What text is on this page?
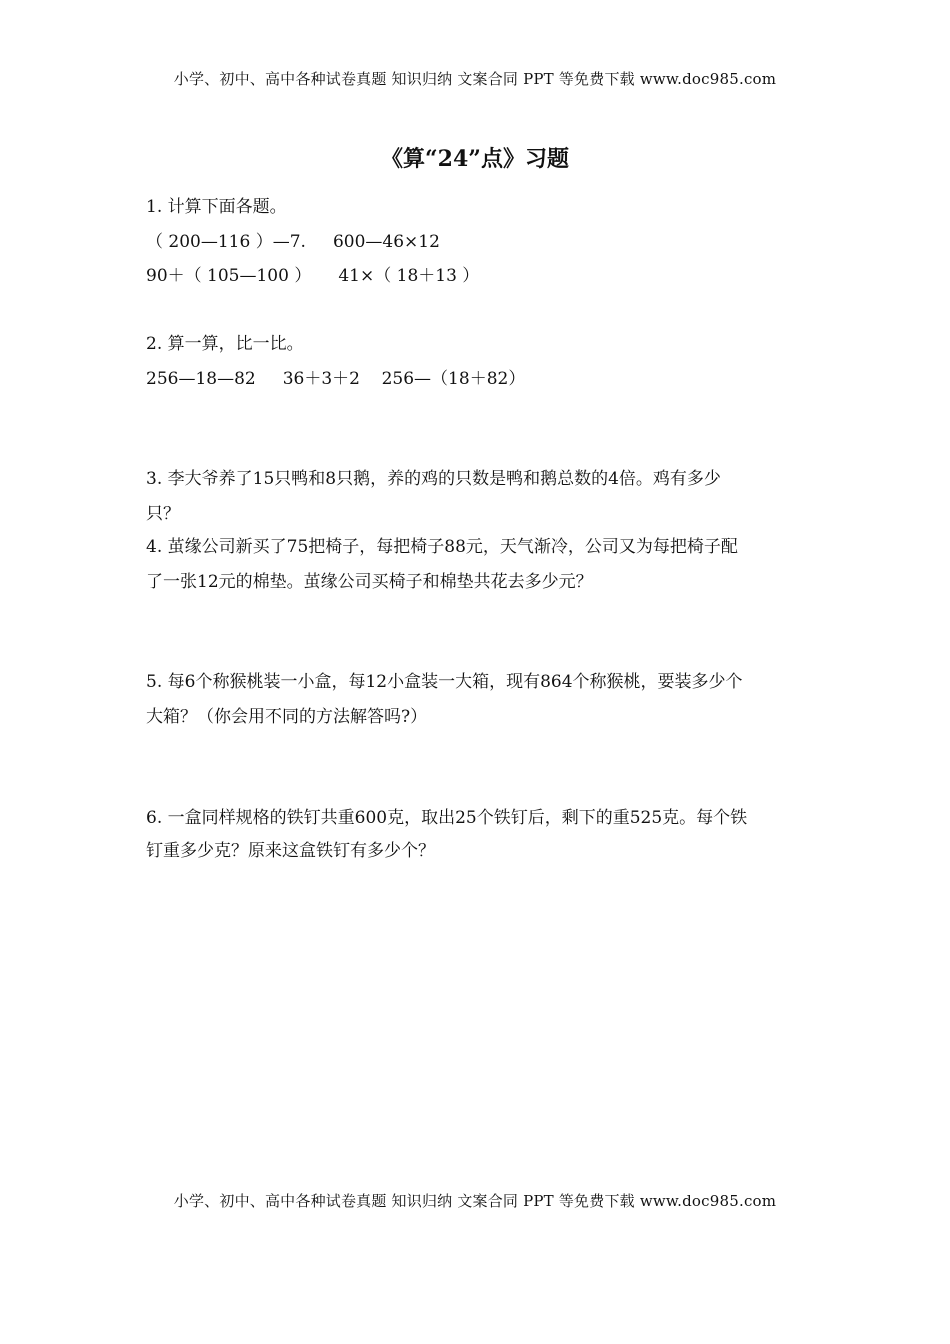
小学、初中、高中各种试卷真题 知识归纳 文案合同 PPT 等免费下载 www.doc985.com
《算“24”点》习题
1. 计算下面各题。
（ 200—116 ）—7.     600—46×12
90＋（ 105—100 ）     41×（ 18＋13 ）
2. 算一算，比一比。
256—18—82     36＋3＋2    256—（18＋82）
3. 李大爷养了15只鸭和8只鹅，养的鸡的只数是鸭和鹅总数的4倍。鸡有多少
只？
4. 茧缘公司新买了75把椅子，每把椅子88元，天气渐冷，公司又为每把椅子配
了一张12元的棉垫。茧缘公司买椅子和棉垫共花去多少元？
5. 每6个称猴桃装一小盒，每12小盒装一大箱，现有864个称猴桃，要装多少个
大箱？（你会用不同的方法解答吗?）
6. 一盒同样规格的铁钉共重600克，取出25个铁钉后，剩下的重525克。每个铁
钉重多少克？原来这盒铁钉有多少个？
小学、初中、高中各种试卷真题 知识归纳 文案合同 PPT 等免费下载 www.doc985.com
